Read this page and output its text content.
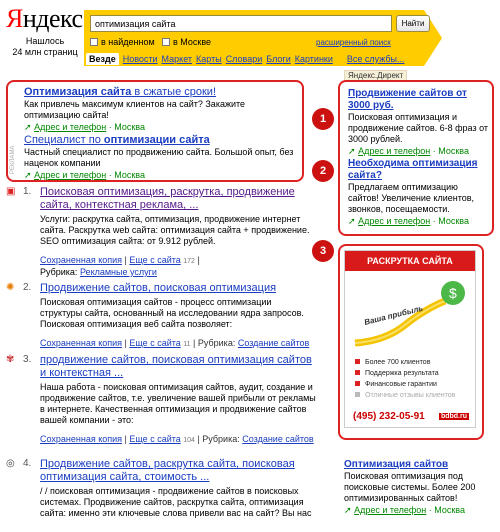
Яндекс
Нашлось
24 млн страниц
оптимизация сайта
Найти
в найденном в Москве	расширенный поиск
Везде Новости Маркет Карты Словари Блоги Картинки Все службы...
Яндекс.Директ
РЕКЛАМА
Оптимизация сайта в сжатые сроки!
Как привлечь максимум клиентов на сайт? Закажите оптимизацию сайта!
➚ Адрес и телефон · Москва
Специалист по оптимизации сайта
Частный специалист по продвижению сайта. Большой опыт, без наценок компании
➚ Адрес и телефон · Москва
Продвижение сайтов от 3000 руб.
Поисковая оптимизация и продвижение сайтов. 6-8 фраз от 3000 рублей.
➚ Адрес и телефон · Москва
Необходима оптимизация сайта?
Предлагаем оптимизацию сайтов! Увеличение клиентов, звонков, посещаемости.
➚ Адрес и телефон · Москва
1
2
3
РАСКРУТКА САЙТА
$
Ваша прибыль
Более 700 клиентов
Поддержка результата
Финансовые гарантии
Отличные отзывы клиентов
(495) 232-05-91 bdbd.ru
▣ 1. Поисковая оптимизация, раскрутка, продвижение сайта, контекстная реклама, ...
Услуги: раскрутка сайта, оптимизация, продвижение интернет сайта. Раскрутка web сайта: оптимизация сайта + продвижение. SEO оптимизация сайта: от 9.912 рублей.
Сохраненная копия | Еще с сайта 172 |
Рубрика: Рекламные услуги
✺ 2. Продвижение сайтов, поисковая оптимизация
Поисковая оптимизация сайтов - процесс оптимизации структуры сайта, основанный на исследовании ядра запросов. Поисковая оптимизация веб сайта позволяет:
Сохраненная копия | Еще с сайта 11 | Рубрика: Создание сайтов
✾ 3. продвижение сайтов, поисковая оптимизация сайтов и контекстная ...
Наша работа - поисковая оптимизация сайтов, аудит, создание и продвижение сайтов, т.е. увеличение вашей прибыли от рекламы в интернете. Качественная оптимизация и продвижение сайтов вашей компании - это:
Сохраненная копия | Еще с сайта 104 | Рубрика: Создание сайтов
◎ 4. Продвижение сайтов, раскрутка сайта, поисковая оптимизация сайта, стоимость ...
/ / поисковая оптимизация - продвижение сайтов в поисковых системах. Продвижение сайтов, раскрутка сайта, оптимизация сайта: именно эти ключевые слова привели вас на сайт? Вы нас
Оптимизация сайтов
Поисковая оптимизация под поисковые системы. Более 200 оптимизированных сайтов!
➚ Адрес и телефон · Москва
